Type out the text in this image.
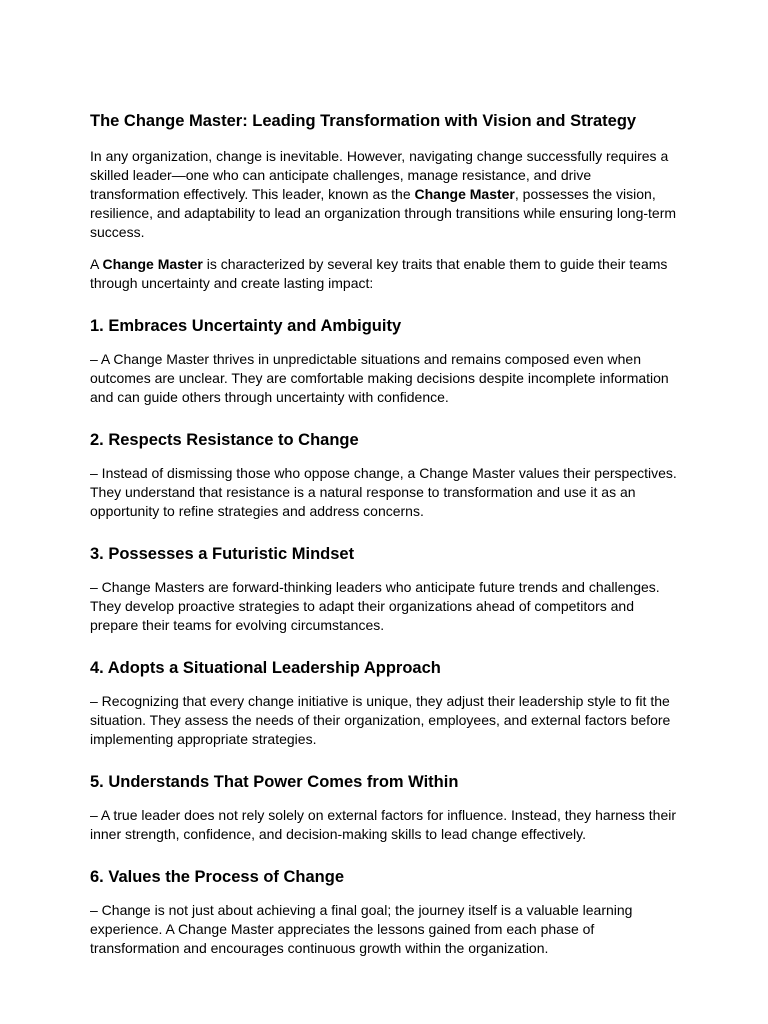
The Change Master: Leading Transformation with Vision and Strategy

In any organization, change is inevitable. However, navigating change successfully requires a skilled leader—one who can anticipate challenges, manage resistance, and drive transformation effectively. This leader, known as the Change Master, possesses the vision, resilience, and adaptability to lead an organization through transitions while ensuring long-term success.

A Change Master is characterized by several key traits that enable them to guide their teams through uncertainty and create lasting impact:

1. Embraces Uncertainty and Ambiguity

– A Change Master thrives in unpredictable situations and remains composed even when outcomes are unclear. They are comfortable making decisions despite incomplete information and can guide others through uncertainty with confidence.

2. Respects Resistance to Change

– Instead of dismissing those who oppose change, a Change Master values their perspectives. They understand that resistance is a natural response to transformation and use it as an opportunity to refine strategies and address concerns.

3. Possesses a Futuristic Mindset

– Change Masters are forward-thinking leaders who anticipate future trends and challenges. They develop proactive strategies to adapt their organizations ahead of competitors and prepare their teams for evolving circumstances.

4. Adopts a Situational Leadership Approach

– Recognizing that every change initiative is unique, they adjust their leadership style to fit the situation. They assess the needs of their organization, employees, and external factors before implementing appropriate strategies.

5. Understands That Power Comes from Within

– A true leader does not rely solely on external factors for influence. Instead, they harness their inner strength, confidence, and decision-making skills to lead change effectively.

6. Values the Process of Change

– Change is not just about achieving a final goal; the journey itself is a valuable learning experience. A Change Master appreciates the lessons gained from each phase of transformation and encourages continuous growth within the organization.
